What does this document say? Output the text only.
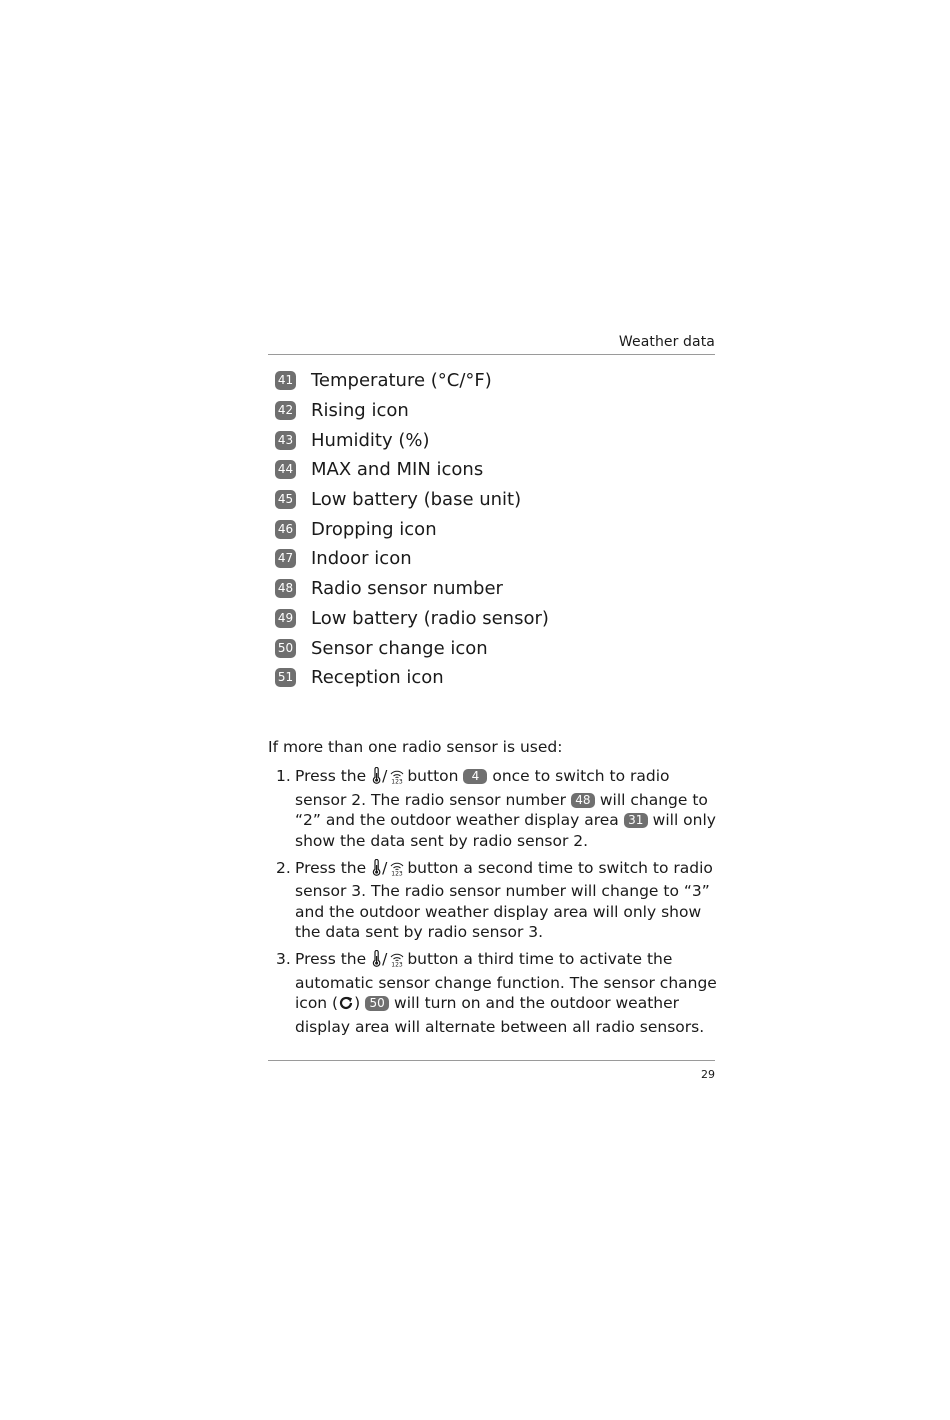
Weather data
41 Temperature (°C/°F)
42 Rising icon
43 Humidity (%)
44 MAX and MIN icons
45 Low battery (base unit)
46 Dropping icon
47 Indoor icon
48 Radio sensor number
49 Low battery (radio sensor)
50 Sensor change icon
51 Reception icon
If more than one radio sensor is used:
1. Press the / 123 button 4 once to switch to radio sensor 2. The radio sensor number 48 will change to “2” and the outdoor weather display area 31 will only show the data sent by radio sensor 2.
2. Press the / 123 button a second time to switch to radio sensor 3. The radio sensor number will change to “3” and the outdoor weather display area will only show the data sent by radio sensor 3.
3. Press the / 123 button a third time to activate the automatic sensor change function. The sensor change icon ( ) 50 will turn on and the outdoor weather display area will alternate between all radio sensors.
29
